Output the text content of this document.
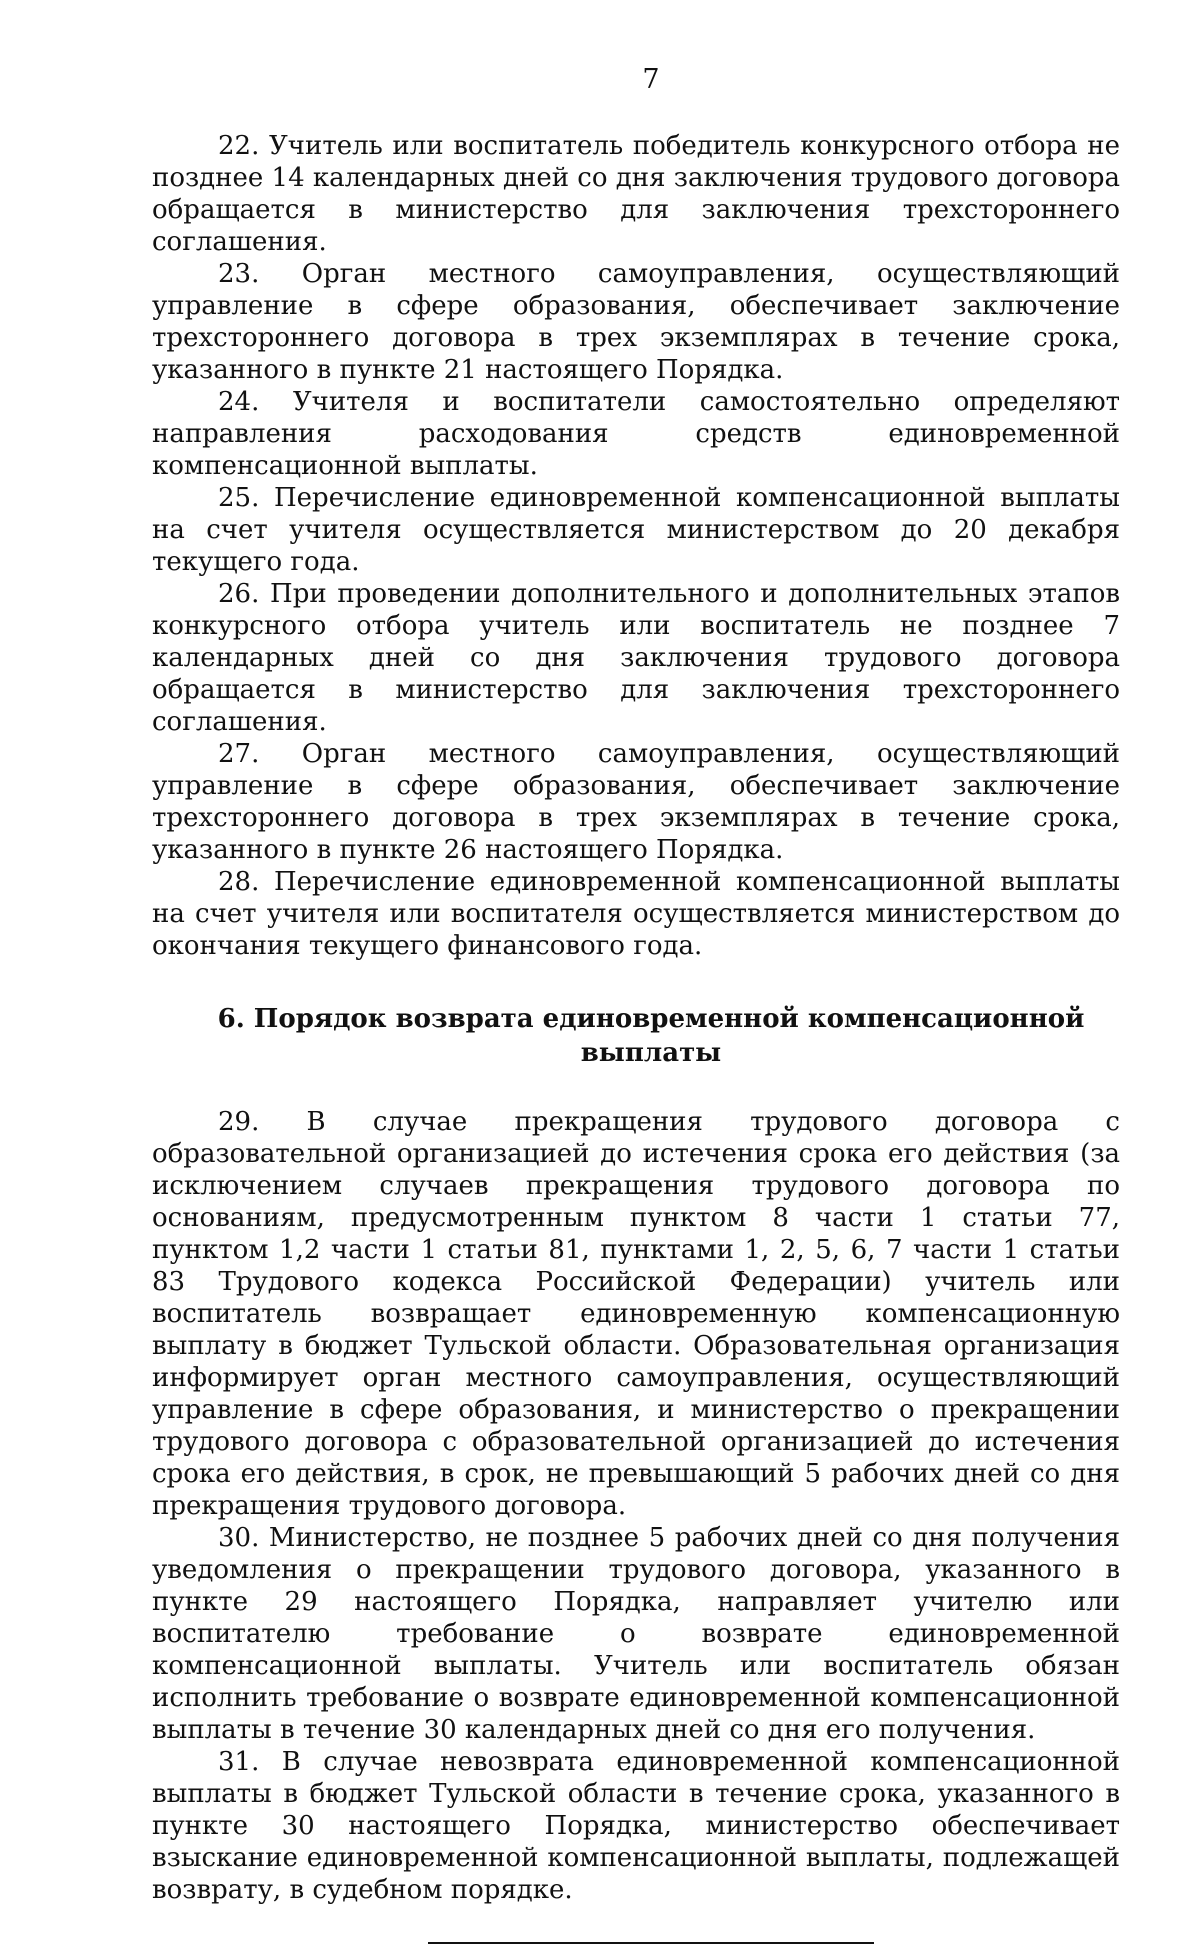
7

22. Учитель или воспитатель победитель конкурсного отбора не позднее 14 календарных дней со дня заключения трудового договора обращается в министерство для заключения трехстороннего соглашения.

23. Орган местного самоуправления, осуществляющий управление в сфере образования, обеспечивает заключение трехстороннего договора в трех экземплярах в течение срока, указанного в пункте 21 настоящего Порядка.

24. Учителя и воспитатели самостоятельно определяют направления расходования средств единовременной компенсационной выплаты.

25. Перечисление единовременной компенсационной выплаты на счет учителя осуществляется министерством до 20 декабря текущего года.

26. При проведении дополнительного и дополнительных этапов конкурсного отбора учитель или воспитатель не позднее 7 календарных дней со дня заключения трудового договора обращается в министерство для заключения трехстороннего соглашения.

27. Орган местного самоуправления, осуществляющий управление в сфере образования, обеспечивает заключение трехстороннего договора в трех экземплярах в течение срока, указанного в пункте 26 настоящего Порядка.

28. Перечисление единовременной компенсационной выплаты на счет учителя или воспитателя осуществляется министерством до окончания текущего финансового года.

6. Порядок возврата единовременной компенсационной выплаты

29. В случае прекращения трудового договора с образовательной организацией до истечения срока его действия (за исключением случаев прекращения трудового договора по основаниям, предусмотренным пунктом 8 части 1 статьи 77, пунктом 1,2 части 1 статьи 81, пунктами 1, 2, 5, 6, 7 части 1 статьи 83 Трудового кодекса Российской Федерации) учитель или воспитатель возвращает единовременную компенсационную выплату в бюджет Тульской области. Образовательная организация информирует орган местного самоуправления, осуществляющий управление в сфере образования, и министерство о прекращении трудового договора с образовательной организацией до истечения срока его действия, в срок, не превышающий 5 рабочих дней со дня прекращения трудового договора.

30. Министерство, не позднее 5 рабочих дней со дня получения уведомления о прекращении трудового договора, указанного в пункте 29 настоящего Порядка, направляет учителю или воспитателю требование о возврате единовременной компенсационной выплаты. Учитель или воспитатель обязан исполнить требование о возврате единовременной компенсационной выплаты в течение 30 календарных дней со дня его получения.

31. В случае невозврата единовременной компенсационной выплаты в бюджет Тульской области в течение срока, указанного в пункте 30 настоящего Порядка, министерство обеспечивает взыскание единовременной компенсационной выплаты, подлежащей возврату, в судебном порядке.
